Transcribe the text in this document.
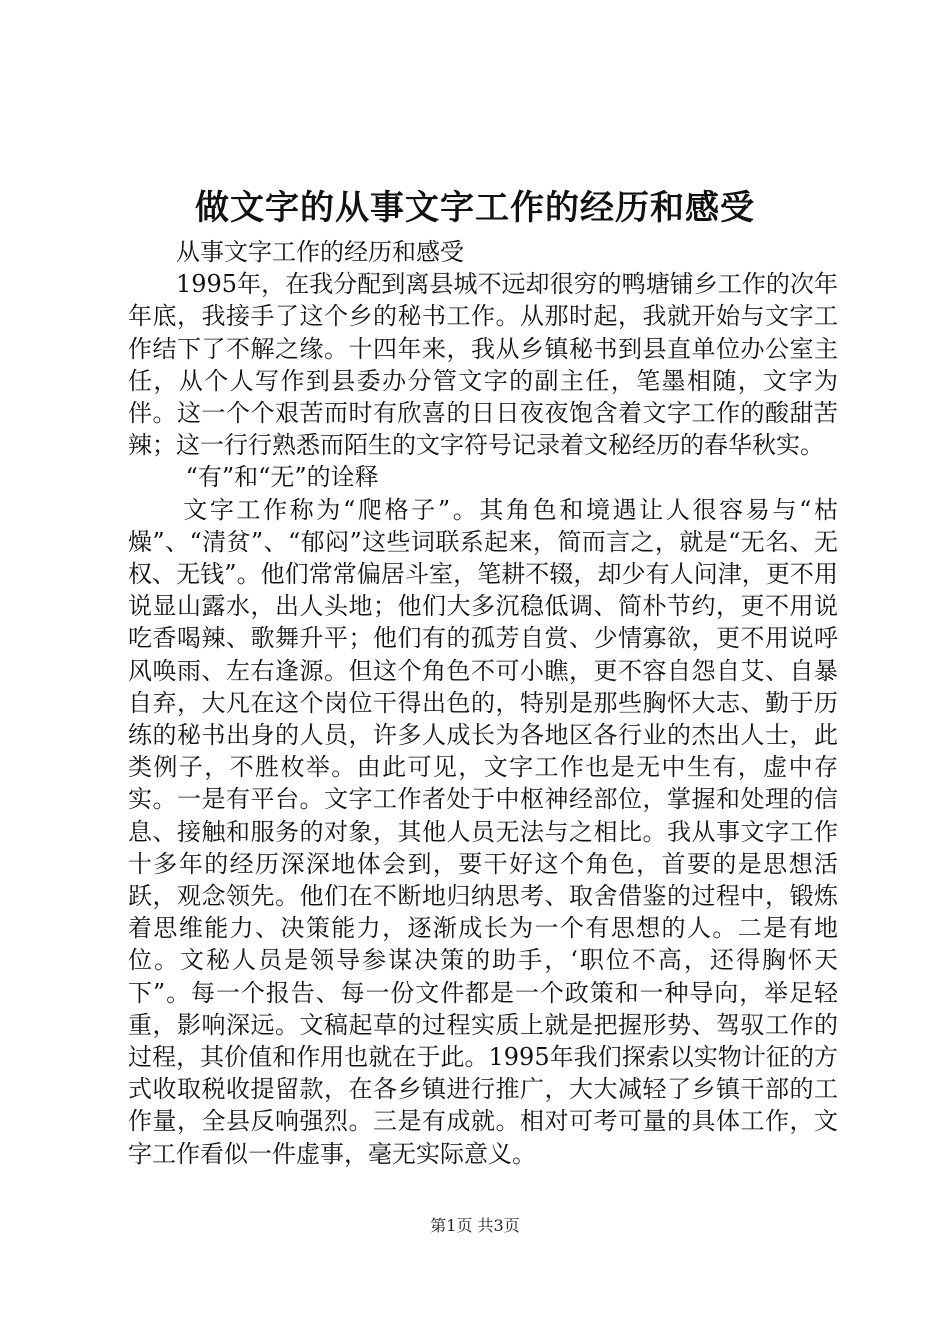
做文字的从事文字工作的经历和感受

从事文字工作的经历和感受

1995年，在我分配到离县城不远却很穷的鸭塘铺乡工作的次年年底，我接手了这个乡的秘书工作。从那时起，我就开始与文字工作结下了不解之缘。十四年来，我从乡镇秘书到县直单位办公室主任，从个人写作到县委办分管文字的副主任，笔墨相随，文字为伴。这一个个艰苦而时有欣喜的日日夜夜饱含着文字工作的酸甜苦辣；这一行行熟悉而陌生的文字符号记录着文秘经历的春华秋实。

“有”和“无”的诠释

文字工作称为“爬格子”。其角色和境遇让人很容易与“枯燥”、“清贫”、“郁闷”这些词联系起来，简而言之，就是“无名、无权、无钱”。他们常常偏居斗室，笔耕不辍，却少有人问津，更不用说显山露水，出人头地；他们大多沉稳低调、简朴节约，更不用说吃香喝辣、歌舞升平；他们有的孤芳自赏、少情寡欲，更不用说呼风唤雨、左右逢源。但这个角色不可小瞧，更不容自怨自艾、自暴自弃，大凡在这个岗位干得出色的，特别是那些胸怀大志、勤于历练的秘书出身的人员，许多人成长为各地区各行业的杰出人士，此类例子，不胜枚举。由此可见，文字工作也是无中生有，虚中存实。一是有平台。文字工作者处于中枢神经部位，掌握和处理的信息、接触和服务的对象，其他人员无法与之相比。我从事文字工作十多年的经历深深地体会到，要干好这个角色，首要的是思想活跃，观念领先。他们在不断地归纳思考、取舍借鉴的过程中，锻炼着思维能力、决策能力，逐渐成长为一个有思想的人。二是有地位。文秘人员是领导参谋决策的助手，‘职位不高，还得胸怀天下”。每一个报告、每一份文件都是一个政策和一种导向，举足轻重，影响深远。文稿起草的过程实质上就是把握形势、驾驭工作的过程，其价值和作用也就在于此。1995年我们探索以实物计征的方式收取税收提留款，在各乡镇进行推广，大大减轻了乡镇干部的工作量，全县反响强烈。三是有成就。相对可考可量的具体工作，文字工作看似一件虚事，毫无实际意义。

第1页 共3页
